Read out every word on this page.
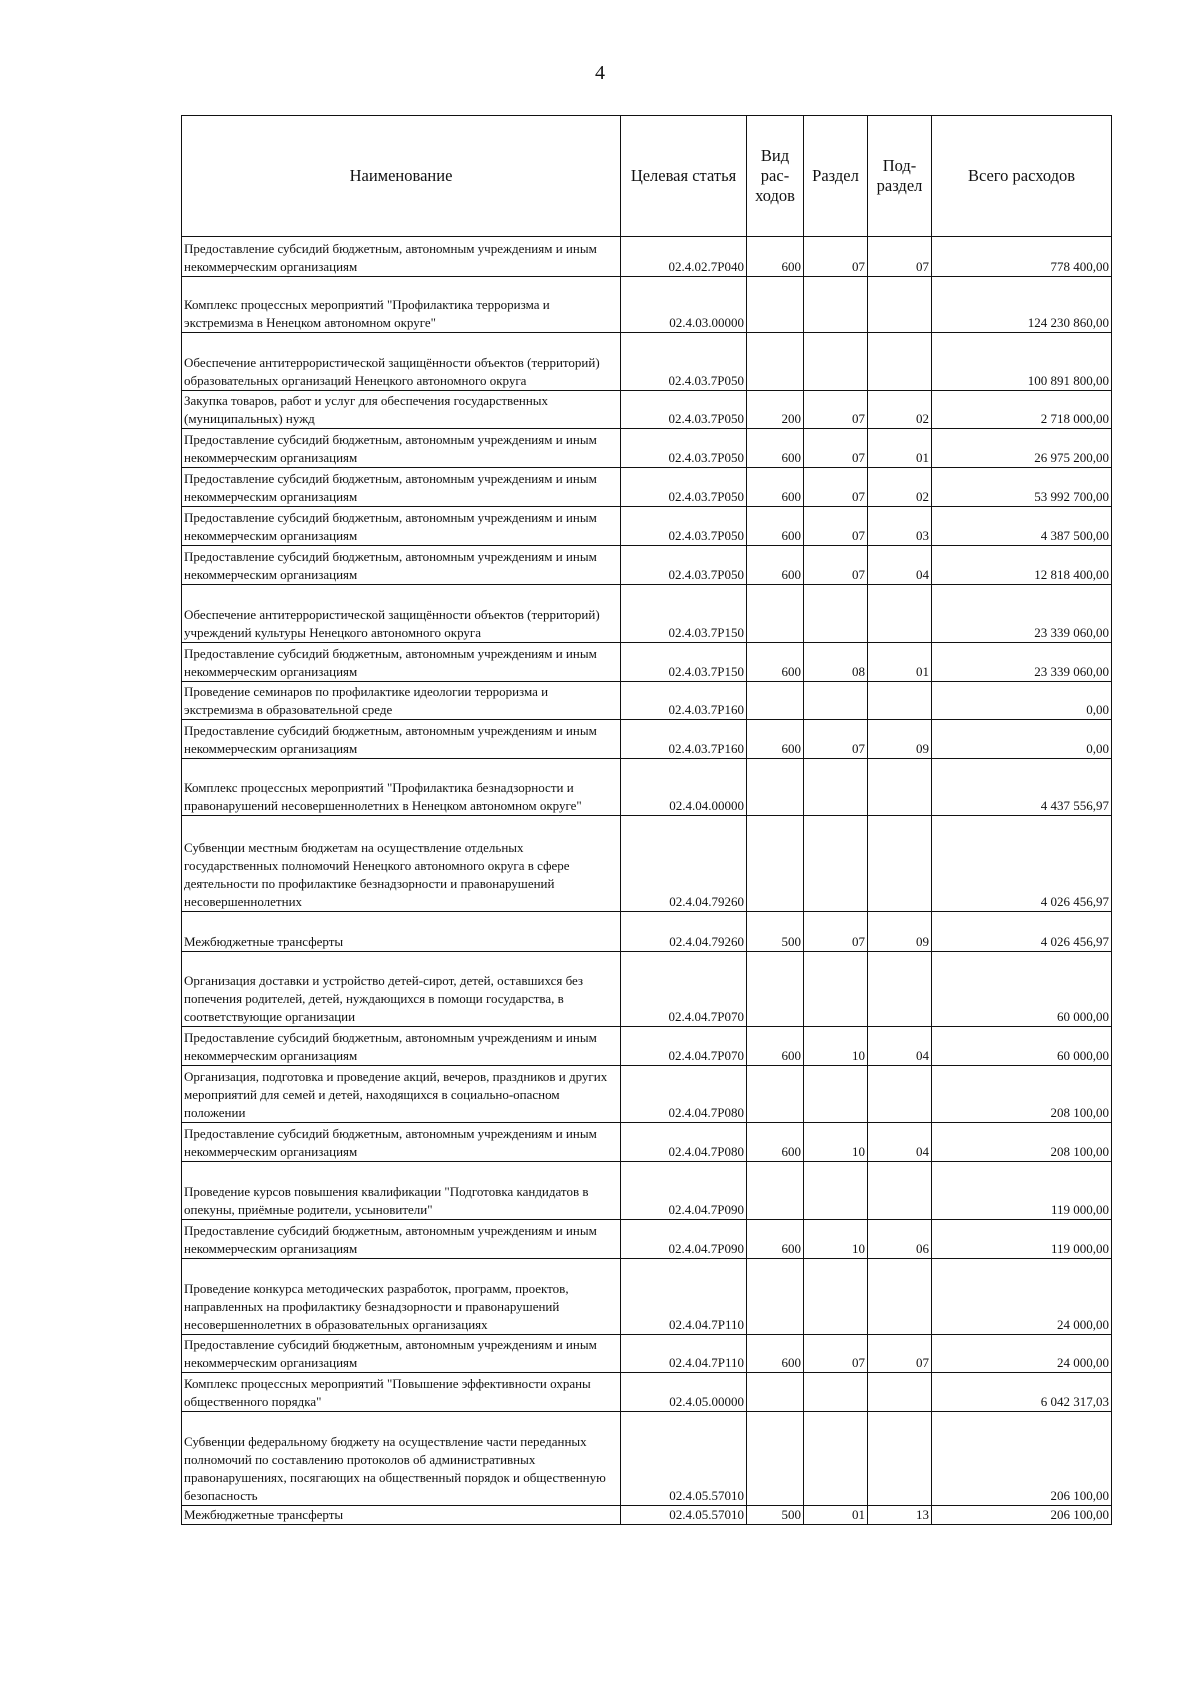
4
Наименование	Целевая статья	Вид рас-ходов	Раздел	Под-раздел	Всего расходов
Предоставление субсидий бюджетным, автономным учреждениям и иным некоммерческим организациям	02.4.02.7P040	600	07	07	778 400,00
Комплекс процессных мероприятий "Профилактика терроризма и экстремизма в Ненецком автономном округе"	02.4.03.00000				124 230 860,00
Обеспечение антитеррористической защищённости объектов (территорий) образовательных организаций Ненецкого автономного округа	02.4.03.7P050				100 891 800,00
Закупка товаров, работ и услуг для обеспечения государственных (муниципальных) нужд	02.4.03.7P050	200	07	02	2 718 000,00
Предоставление субсидий бюджетным, автономным учреждениям и иным некоммерческим организациям	02.4.03.7P050	600	07	01	26 975 200,00
Предоставление субсидий бюджетным, автономным учреждениям и иным некоммерческим организациям	02.4.03.7P050	600	07	02	53 992 700,00
Предоставление субсидий бюджетным, автономным учреждениям и иным некоммерческим организациям	02.4.03.7P050	600	07	03	4 387 500,00
Предоставление субсидий бюджетным, автономным учреждениям и иным некоммерческим организациям	02.4.03.7P050	600	07	04	12 818 400,00
Обеспечение антитеррористической защищённости объектов (территорий) учреждений культуры Ненецкого автономного округа	02.4.03.7P150				23 339 060,00
Предоставление субсидий бюджетным, автономным учреждениям и иным некоммерческим организациям	02.4.03.7P150	600	08	01	23 339 060,00
Проведение семинаров по профилактике идеологии терроризма и экстремизма в образовательной среде	02.4.03.7P160				0,00
Предоставление субсидий бюджетным, автономным учреждениям и иным некоммерческим организациям	02.4.03.7P160	600	07	09	0,00
Комплекс процессных мероприятий "Профилактика безнадзорности и правонарушений несовершеннолетних в Ненецком автономном округе"	02.4.04.00000				4 437 556,97
Субвенции местным бюджетам на осуществление отдельных государственных полномочий Ненецкого автономного округа в сфере деятельности по профилактике безнадзорности и правонарушений несовершеннолетних	02.4.04.79260				4 026 456,97
Межбюджетные трансферты	02.4.04.79260	500	07	09	4 026 456,97
Организация доставки и устройство детей-сирот, детей, оставшихся без попечения родителей, детей, нуждающихся в помощи государства, в соответствующие организации	02.4.04.7P070				60 000,00
Предоставление субсидий бюджетным, автономным учреждениям и иным некоммерческим организациям	02.4.04.7P070	600	10	04	60 000,00
Организация, подготовка и проведение акций, вечеров, праздников и других мероприятий для семей и детей, находящихся в социально-опасном положении	02.4.04.7P080				208 100,00
Предоставление субсидий бюджетным, автономным учреждениям и иным некоммерческим организациям	02.4.04.7P080	600	10	04	208 100,00
Проведение курсов повышения квалификации "Подготовка кандидатов в опекуны, приёмные родители, усыновители"	02.4.04.7P090				119 000,00
Предоставление субсидий бюджетным, автономным учреждениям и иным некоммерческим организациям	02.4.04.7P090	600	10	06	119 000,00
Проведение конкурса методических разработок, программ, проектов, направленных на профилактику безнадзорности и правонарушений несовершеннолетних в образовательных организациях	02.4.04.7P110				24 000,00
Предоставление субсидий бюджетным, автономным учреждениям и иным некоммерческим организациям	02.4.04.7P110	600	07	07	24 000,00
Комплекс процессных мероприятий "Повышение эффективности охраны общественного порядка"	02.4.05.00000				6 042 317,03
Субвенции федеральному бюджету на осуществление части переданных полномочий по составлению протоколов об административных правонарушениях, посягающих на общественный порядок и общественную безопасность	02.4.05.57010				206 100,00
Межбюджетные трансферты	02.4.05.57010	500	01	13	206 100,00
